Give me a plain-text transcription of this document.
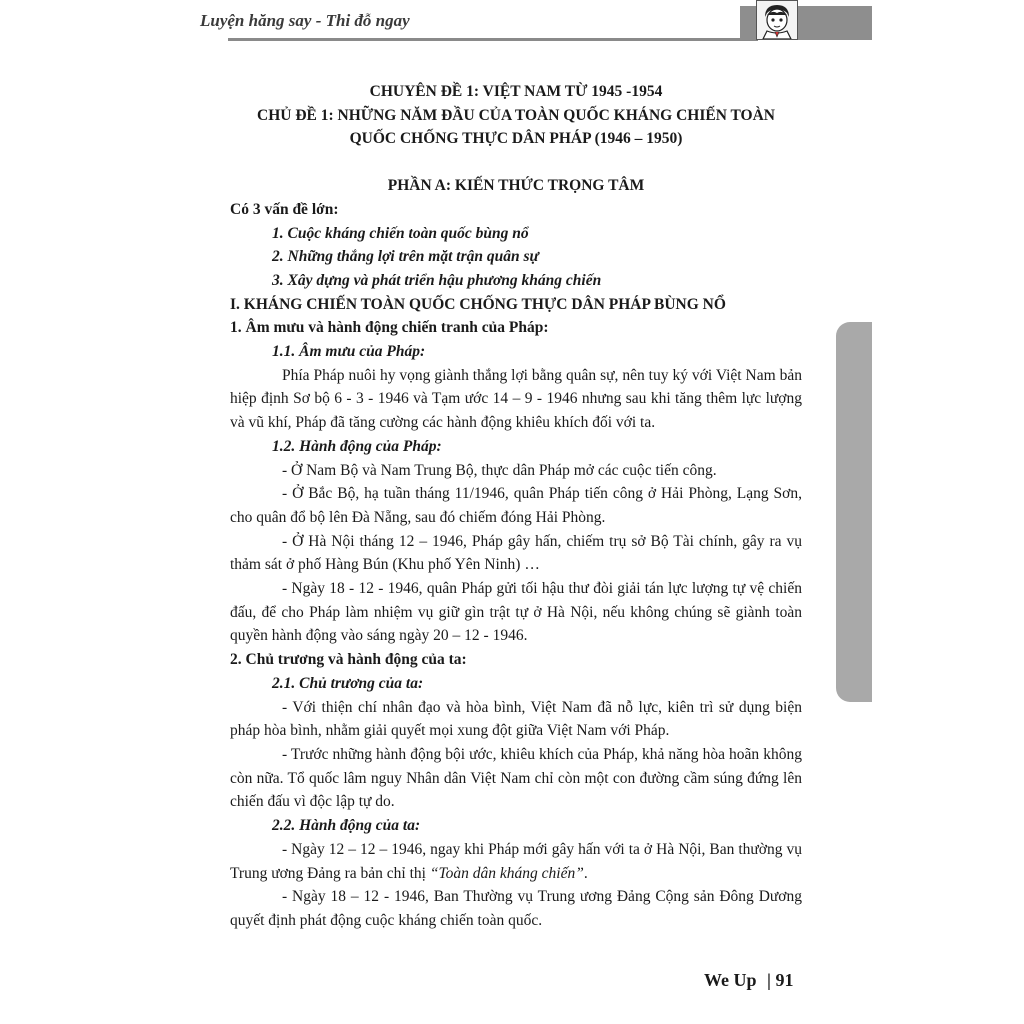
Luyện hăng say - Thi đỗ ngay

CHUYÊN ĐỀ 1: VIỆT NAM TỪ 1945 -1954

CHỦ ĐỀ 1: NHỮNG NĂM ĐẦU CỦA TOÀN QUỐC KHÁNG CHIẾN TOÀN

QUỐC CHỐNG THỰC DÂN PHÁP (1946 – 1950)

PHẦN A: KIẾN THỨC TRỌNG TÂM

Có 3 vấn đề lớn:

1. Cuộc kháng chiến toàn quốc bùng nổ

2. Những thắng lợi trên mặt trận quân sự

3. Xây dựng và phát triển hậu phương kháng chiến

I. KHÁNG CHIẾN TOÀN QUỐC CHỐNG THỰC DÂN PHÁP BÙNG NỔ

1. Âm mưu và hành động chiến tranh của Pháp:

1.1. Âm mưu của Pháp:

Phía Pháp nuôi hy vọng giành thắng lợi bằng quân sự, nên tuy ký với Việt Nam bản hiệp định Sơ bộ 6 - 3 - 1946 và Tạm ước 14 – 9 - 1946 nhưng sau khi tăng thêm lực lượng và vũ khí, Pháp đã tăng cường các hành động khiêu khích đối với ta.

1.2. Hành động của Pháp:

- Ở Nam Bộ và Nam Trung Bộ, thực dân Pháp mở các cuộc tiến công.

- Ở Bắc Bộ, hạ tuần tháng 11/1946, quân Pháp tiến công ở Hải Phòng, Lạng Sơn, cho quân đổ bộ lên Đà Nẵng, sau đó chiếm đóng Hải Phòng.

- Ở Hà Nội tháng 12 – 1946, Pháp gây hấn, chiếm trụ sở Bộ Tài chính, gây ra vụ thảm sát ở phố Hàng Bún (Khu phố Yên Ninh) …

- Ngày 18 - 12 - 1946, quân Pháp gửi tối hậu thư đòi giải tán lực lượng tự vệ chiến đấu, để cho Pháp làm nhiệm vụ giữ gìn trật tự ở Hà Nội, nếu không chúng sẽ giành toàn quyền hành động vào sáng ngày 20 – 12 - 1946.

2. Chủ trương và hành động của ta:

2.1. Chủ trương của ta:

- Với thiện chí nhân đạo và hòa bình, Việt Nam đã nỗ lực, kiên trì sử dụng biện pháp hòa bình, nhằm giải quyết mọi xung đột giữa Việt Nam với Pháp.

- Trước những hành động bội ước, khiêu khích của Pháp, khả năng hòa hoãn không còn nữa. Tổ quốc lâm nguy Nhân dân Việt Nam chỉ còn một con đường cầm súng đứng lên chiến đấu vì độc lập tự do.

2.2. Hành động của ta:

- Ngày 12 – 12 – 1946, ngay khi Pháp mới gây hấn với ta ở Hà Nội, Ban thường vụ Trung ương Đảng ra bản chỉ thị “Toàn dân kháng chiến”.

- Ngày 18 – 12 - 1946, Ban Thường vụ Trung ương Đảng Cộng sản Đông Dương quyết định phát động cuộc kháng chiến toàn quốc.

We Up | 91
